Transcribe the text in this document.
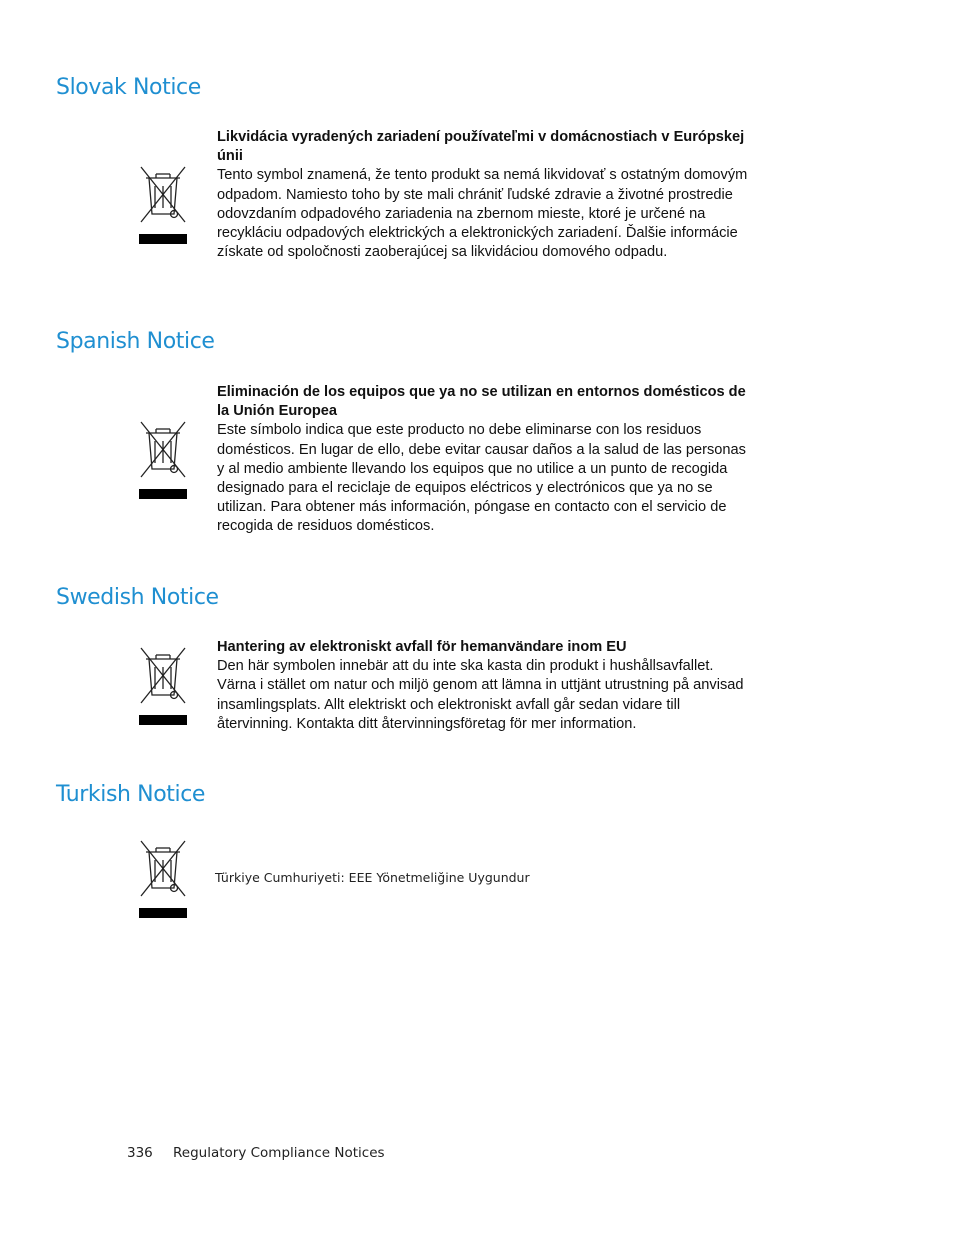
Slovak Notice
Likvidácia vyradených zariadení používateľmi v domácnostiach v Európskej únii
Tento symbol znamená, že tento produkt sa nemá likvidovať s ostatným domovým odpadom. Namiesto toho by ste mali chrániť ľudské zdravie a životné prostredie odovzdaním odpadového zariadenia na zbernom mieste, ktoré je určené na recykláciu odpadových elektrických a elektronických zariadení. Ďalšie informácie získate od spoločnosti zaoberajúcej sa likvidáciou domového odpadu.
Spanish Notice
Eliminación de los equipos que ya no se utilizan en entornos domésticos de la Unión Europea
Este símbolo indica que este producto no debe eliminarse con los residuos domésticos. En lugar de ello, debe evitar causar daños a la salud de las personas y al medio ambiente llevando los equipos que no utilice a un punto de recogida designado para el reciclaje de equipos eléctricos y electrónicos que ya no se utilizan. Para obtener más información, póngase en contacto con el servicio de recogida de residuos domésticos.
Swedish Notice
Hantering av elektroniskt avfall för hemanvändare inom EU
Den här symbolen innebär att du inte ska kasta din produkt i hushållsavfallet. Värna i stället om natur och miljö genom att lämna in uttjänt utrustning på anvisad insamlingsplats. Allt elektriskt och elektroniskt avfall går sedan vidare till återvinning. Kontakta ditt återvinningsföretag för mer information.
Turkish Notice
Türkiye Cumhuriyeti: EEE Yönetmeliğine Uygundur
336 Regulatory Compliance Notices
